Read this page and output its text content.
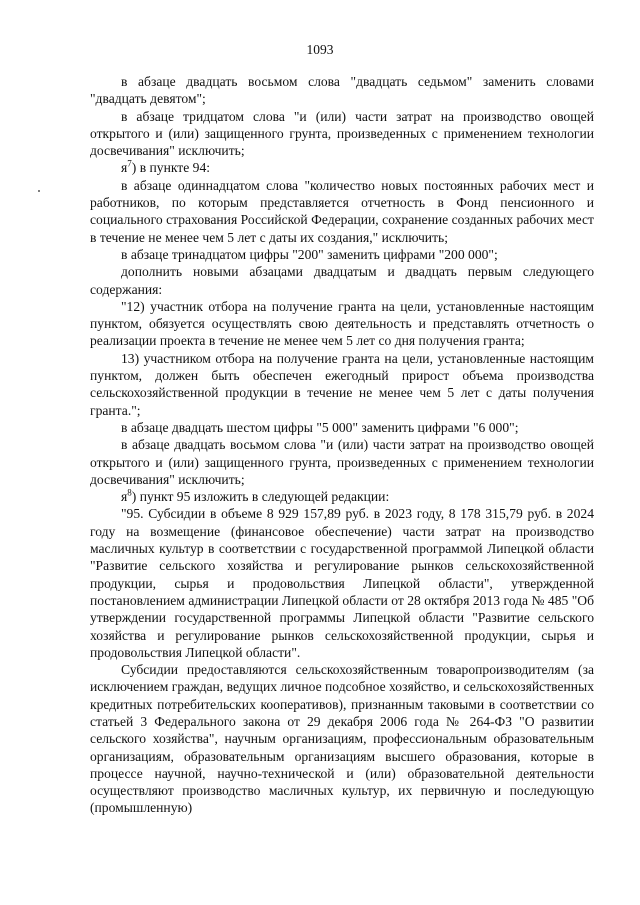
1093

в абзаце двадцать восьмом слова "двадцать седьмом" заменить словами "двадцать девятом";

в абзаце тридцатом слова "и (или) части затрат на производство овощей открытого и (или) защищенного грунта, произведенных с применением технологии досвечивания" исключить;

$я^7$) в пункте 94:

в абзаце одиннадцатом слова "количество новых постоянных рабочих мест и работников, по которым представляется отчетность в Фонд пенсионного и социального страхования Российской Федерации, сохранение созданных рабочих мест в течение не менее чем 5 лет с даты их создания," исключить;

в абзаце тринадцатом цифры "200" заменить цифрами "200 000";

дополнить новыми абзацами двадцатым и двадцать первым следующего содержания:

"12) участник отбора на получение гранта на цели, установленные настоящим пунктом, обязуется осуществлять свою деятельность и представлять отчетность о реализации проекта в течение не менее чем 5 лет со дня получения гранта;

13) участником отбора на получение гранта на цели, установленные настоящим пунктом, должен быть обеспечен ежегодный прирост объема производства сельскохозяйственной продукции в течение не менее чем 5 лет с даты получения гранта.";

в абзаце двадцать шестом цифры "5 000" заменить цифрами "6 000";

в абзаце двадцать восьмом слова "и (или) части затрат на производство овощей открытого и (или) защищенного грунта, произведенных с применением технологии досвечивания" исключить;

$я^8$) пункт 95 изложить в следующей редакции:

"95. Субсидии в объеме 8 929 157,89 руб. в 2023 году, 8 178 315,79 руб. в 2024 году на возмещение (финансовое обеспечение) части затрат на производство масличных культур в соответствии с государственной программой Липецкой области "Развитие сельского хозяйства и регулирование рынков сельскохозяйственной продукции, сырья и продовольствия Липецкой области", утвержденной постановлением администрации Липецкой области от 28 октября 2013 года № 485 "Об утверждении государственной программы Липецкой области "Развитие сельского хозяйства и регулирование рынков сельскохозяйственной продукции, сырья и продовольствия Липецкой области".

Субсидии предоставляются сельскохозяйственным товаропроизводителям (за исключением граждан, ведущих личное подсобное хозяйство, и сельскохозяйственных кредитных потребительских кооперативов), признанным таковыми в соответствии со статьей 3 Федерального закона от 29 декабря 2006 года № 264-ФЗ "О развитии сельского хозяйства", научным организациям, профессиональным образовательным организациям, образовательным организациям высшего образования, которые в процессе научной, научно-технической и (или) образовательной деятельности осуществляют производство масличных культур, их первичную и последующую (промышленную)
